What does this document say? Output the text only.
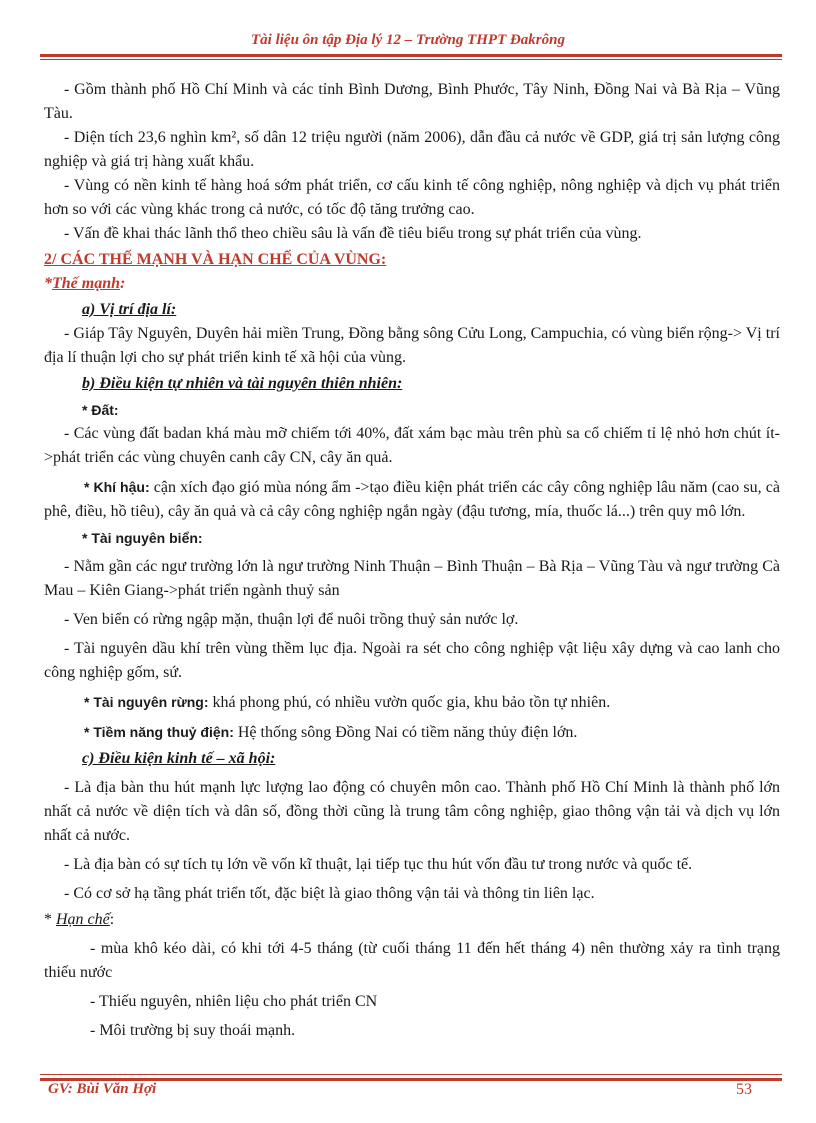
Tài liệu ôn tập Địa lý 12 – Trường THPT Đakrông

- Gồm thành phố Hồ Chí Minh và các tỉnh Bình Dương, Bình Phước, Tây Ninh, Đồng Nai và Bà Rịa – Vũng Tàu.

- Diện tích 23,6 nghìn km², số dân 12 triệu người (năm 2006), dẫn đầu cả nước về GDP, giá trị sản lượng công nghiệp và giá trị hàng xuất khẩu.

- Vùng có nền kinh tế hàng hoá sớm phát triển, cơ cấu kinh tế công nghiệp, nông nghiệp và dịch vụ phát triển hơn so với các vùng khác trong cả nước, có tốc độ tăng trưởng cao.

- Vấn đề khai thác lãnh thổ theo chiều sâu là vấn đề tiêu biểu trong sự phát triển của vùng.

2/ CÁC THẾ MẠNH VÀ HẠN CHẾ CỦA VÙNG:

*Thế mạnh:

a) Vị trí địa lí:

- Giáp Tây Nguyên, Duyên hải miền Trung, Đồng bằng sông Cửu Long, Campuchia, có vùng biển rộng-> Vị trí địa lí thuận lợi cho sự phát triển kinh tế xã hội của vùng.

b) Điều kiện tự nhiên và tài nguyên thiên nhiên:

* Đất:

- Các vùng đất badan khá màu mỡ chiếm tới 40%, đất xám bạc màu trên phù sa cổ chiếm tỉ lệ nhỏ hơn chút ít->phát triển các vùng chuyên canh cây CN, cây ăn quả.

* Khí hậu: cận xích đạo gió mùa nóng ẩm ->tạo điều kiện phát triển các cây công nghiệp lâu năm (cao su, cà phê, điều, hồ tiêu), cây ăn quả và cả cây công nghiệp ngắn ngày (đậu tương, mía, thuốc lá...) trên quy mô lớn.

* Tài nguyên biển:

- Nằm gần các ngư trường lớn là ngư trường Ninh Thuận – Bình Thuận – Bà Rịa – Vũng Tàu và ngư trường Cà Mau – Kiên Giang->phát triển ngành thuỷ sản

- Ven biển có rừng ngập mặn, thuận lợi để nuôi trồng thuỷ sản nước lợ.

- Tài nguyên dầu khí trên vùng thềm lục địa. Ngoài ra sét cho công nghiệp vật liệu xây dựng và cao lanh cho công nghiệp gốm, sứ.

* Tài nguyên rừng: khá phong phú, có nhiều vườn quốc gia, khu bảo tồn tự nhiên.

* Tiềm năng thuỷ điện: Hệ thống sông Đồng Nai có tiềm năng thủy điện lớn.

c) Điều kiện kinh tế – xã hội:

- Là địa bàn thu hút mạnh lực lượng lao động có chuyên môn cao. Thành phố Hồ Chí Minh là thành phố lớn nhất cả nước về diện tích và dân số, đồng thời cũng là trung tâm công nghiệp, giao thông vận tải và dịch vụ lớn nhất cả nước.

- Là địa bàn có sự tích tụ lớn về vốn kĩ thuật, lại tiếp tục thu hút vốn đầu tư trong nước và quốc tế.

- Có cơ sở hạ tầng phát triển tốt, đặc biệt là giao thông vận tải và thông tin liên lạc.

* Hạn chế:

- mùa khô kéo dài, có khi tới 4-5 tháng (từ cuối tháng 11 đến hết tháng 4) nên thường xảy ra tình trạng thiếu nước

- Thiếu nguyên, nhiên liệu cho phát triển CN

- Môi trường bị suy thoái mạnh.

GV: Bùi Văn Hợi	53
